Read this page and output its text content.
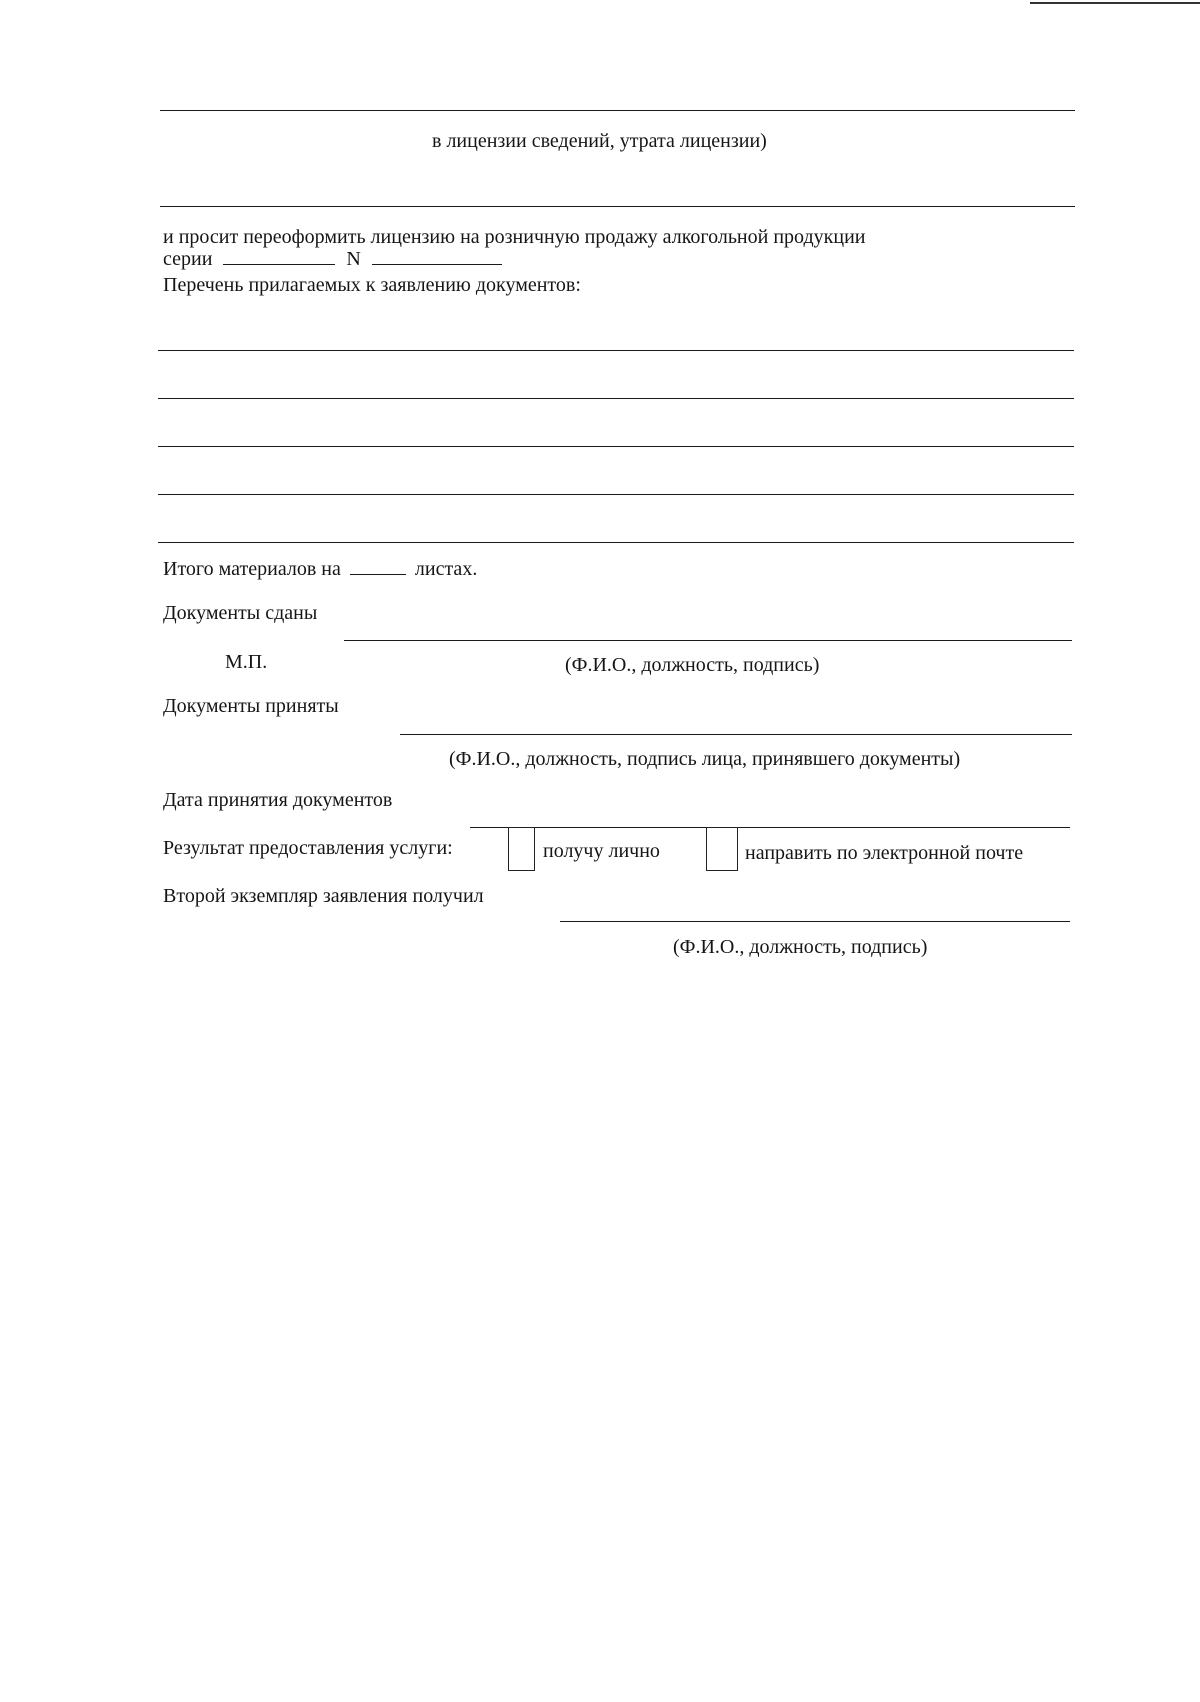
в лицензии сведений, утрата лицензии)
и просит переоформить лицензию на розничную продажу алкогольной продукции
серии	N
Перечень прилагаемых к заявлению документов:
Итого материалов на	листах.
Документы сданы
М.П.	(Ф.И.О., должность, подпись)
Документы приняты
(Ф.И.О., должность, подпись лица, принявшего документы)
Дата принятия документов
Результат предоставления услуги:	получу лично	направить по электронной почте
Второй экземпляр заявления получил
(Ф.И.О., должность, подпись)
